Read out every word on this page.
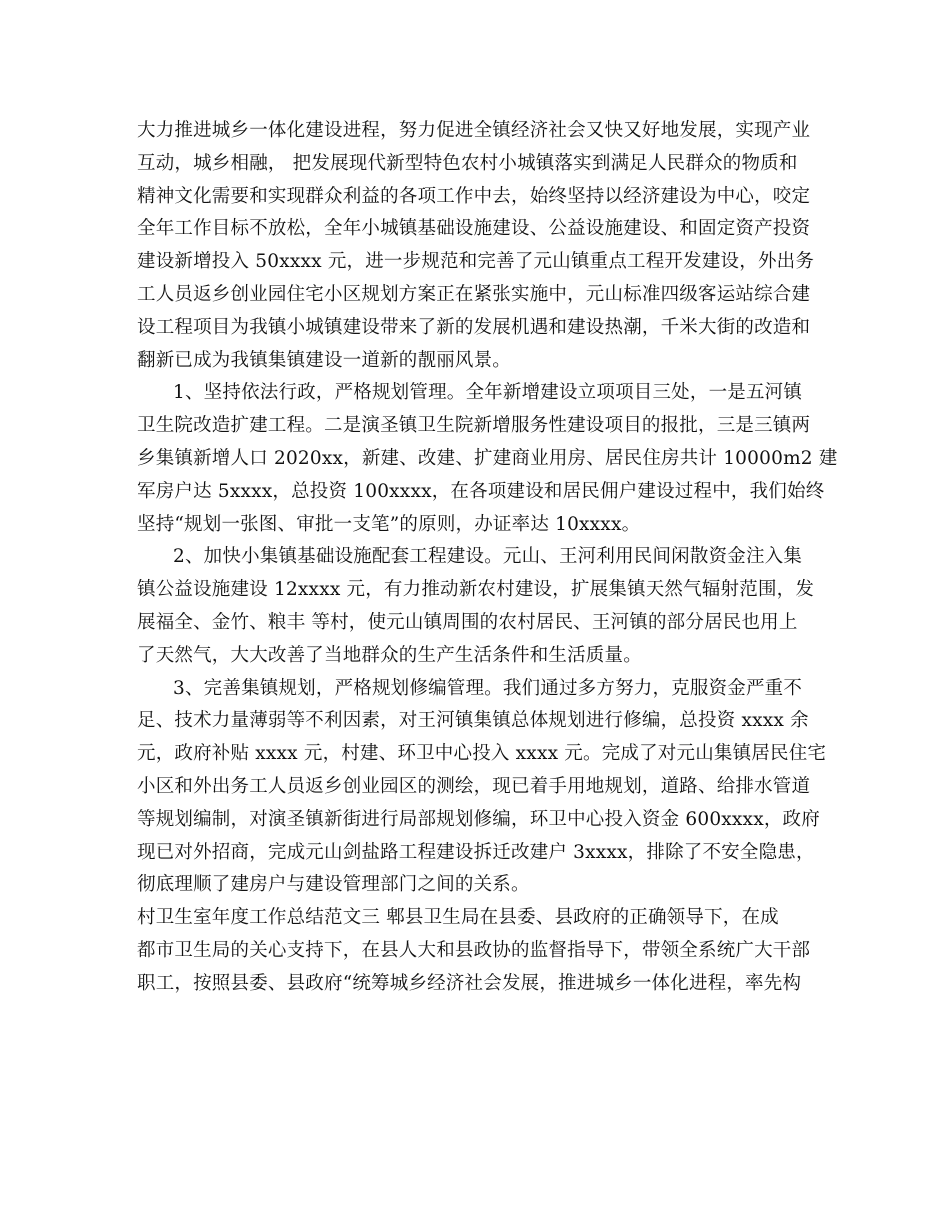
大力推进城乡一体化建设进程，努力促进全镇经济社会又快又好地发展，实现产业
互动，城乡相融， 把发展现代新型特色农村小城镇落实到满足人民群众的物质和
精神文化需要和实现群众利益的各项工作中去，始终坚持以经济建设为中心，咬定
全年工作目标不放松，全年小城镇基础设施建设、公益设施建设、和固定资产投资
建设新增投入 50xxxx 元，进一步规范和完善了元山镇重点工程开发建设，外出务
工人员返乡创业园住宅小区规划方案正在紧张实施中，元山标准四级客运站综合建
设工程项目为我镇小城镇建设带来了新的发展机遇和建设热潮，千米大街的改造和
翻新已成为我镇集镇建设一道新的靓丽风景。
1、坚持依法行政，严格规划管理。全年新增建设立项项目三处，一是五河镇
卫生院改造扩建工程。二是演圣镇卫生院新增服务性建设项目的报批，三是三镇两
乡集镇新增人口 2020xx，新建、改建、扩建商业用房、居民住房共计 10000m2 建
军房户达 5xxxx，总投资 100xxxx，在各项建设和居民佣户建设过程中，我们始终
坚持“规划一张图、审批一支笔”的原则，办证率达 10xxxx。
2、加快小集镇基础设施配套工程建设。元山、王河利用民间闲散资金注入集
镇公益设施建设 12xxxx 元，有力推动新农村建设，扩展集镇天然气辐射范围，发
展福全、金竹、粮丰 等村，使元山镇周围的农村居民、王河镇的部分居民也用上
了天然气，大大改善了当地群众的生产生活条件和生活质量。
3、完善集镇规划，严格规划修编管理。我们通过多方努力，克服资金严重不
足、技术力量薄弱等不利因素，对王河镇集镇总体规划进行修编，总投资 xxxx 余
元，政府补贴 xxxx 元，村建、环卫中心投入 xxxx 元。完成了对元山集镇居民住宅
小区和外出务工人员返乡创业园区的测绘，现已着手用地规划，道路、给排水管道
等规划编制，对演圣镇新街进行局部规划修编，环卫中心投入资金 600xxxx，政府
现已对外招商，完成元山剑盐路工程建设拆迁改建户 3xxxx，排除了不安全隐患，
彻底理顺了建房户与建设管理部门之间的关系。
村卫生室年度工作总结范文三 郫县卫生局在县委、县政府的正确领导下，在成
都市卫生局的关心支持下，在县人大和县政协的监督指导下，带领全系统广大干部
职工，按照县委、县政府“统筹城乡经济社会发展，推进城乡一体化进程，率先构
